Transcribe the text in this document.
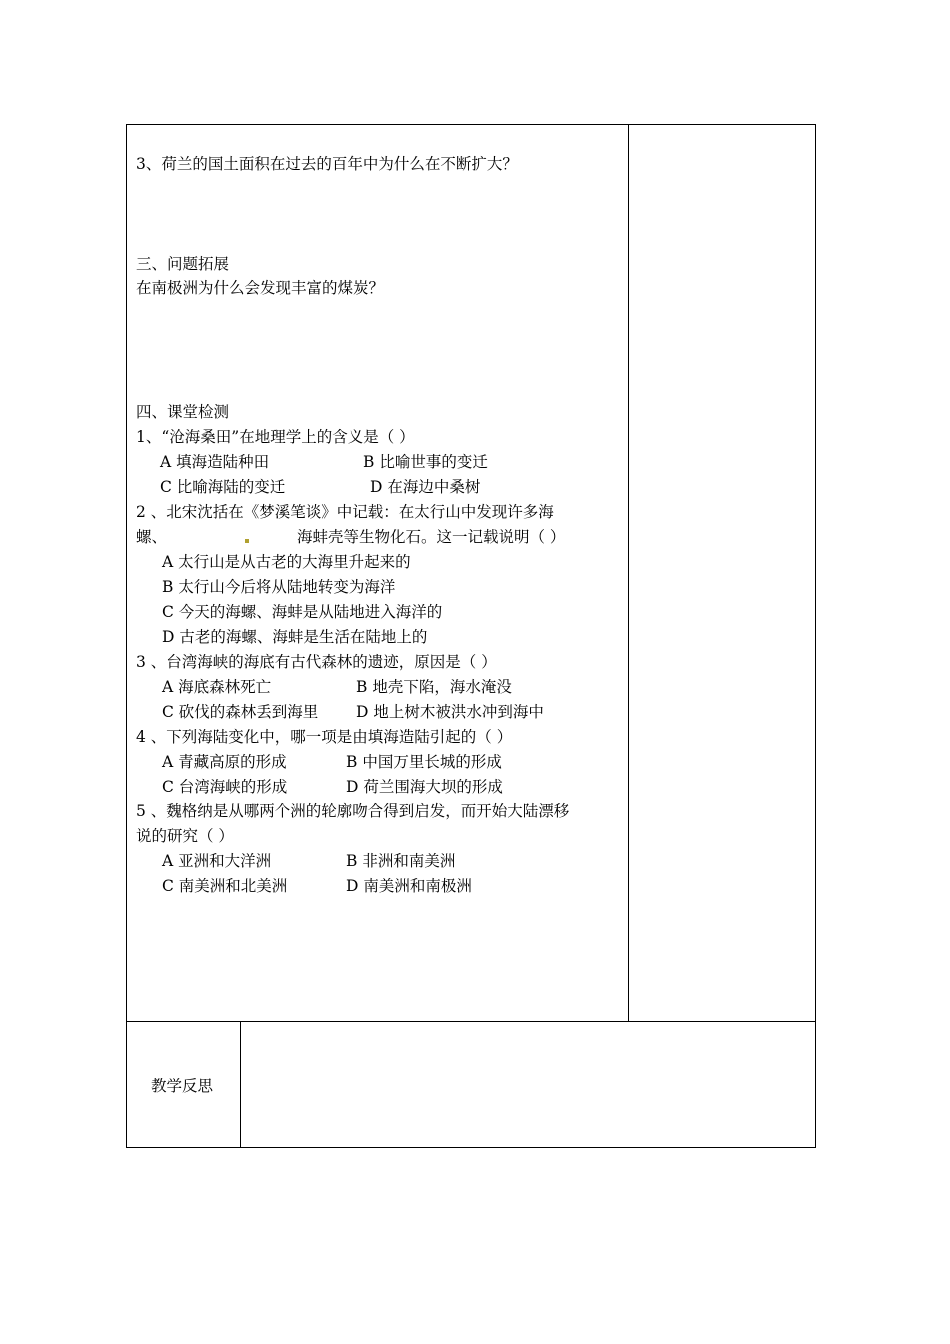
3、荷兰的国土面积在过去的百年中为什么在不断扩大？
三、问题拓展
在南极洲为什么会发现丰富的煤炭？
四、课堂检测
1、“沧海桑田”在地理学上的含义是（ ）
A 填海造陆种田	B 比喻世事的变迁
C 比喻海陆的变迁	D 在海边中桑树
2 、北宋沈括在《梦溪笔谈》中记载：在太行山中发现许多海
螺、	海蚌壳等生物化石。这一记载说明（ ）
A 太行山是从古老的大海里升起来的
B 太行山今后将从陆地转变为海洋
C 今天的海螺、海蚌是从陆地进入海洋的
D 古老的海螺、海蚌是生活在陆地上的
3 、台湾海峡的海底有古代森林的遗迹，原因是（ ）
A 海底森林死亡	B 地壳下陷，海水淹没
C 砍伐的森林丢到海里 D 地上树木被洪水冲到海中
4 、下列海陆变化中，哪一项是由填海造陆引起的（ ）
A 青藏高原的形成	B 中国万里长城的形成
C 台湾海峡的形成	D 荷兰围海大坝的形成
5 、魏格纳是从哪两个洲的轮廓吻合得到启发，而开始大陆漂移
说的研究（ ）
A 亚洲和大洋洲	B 非洲和南美洲
C 南美洲和北美洲	D 南美洲和南极洲
教学反思
